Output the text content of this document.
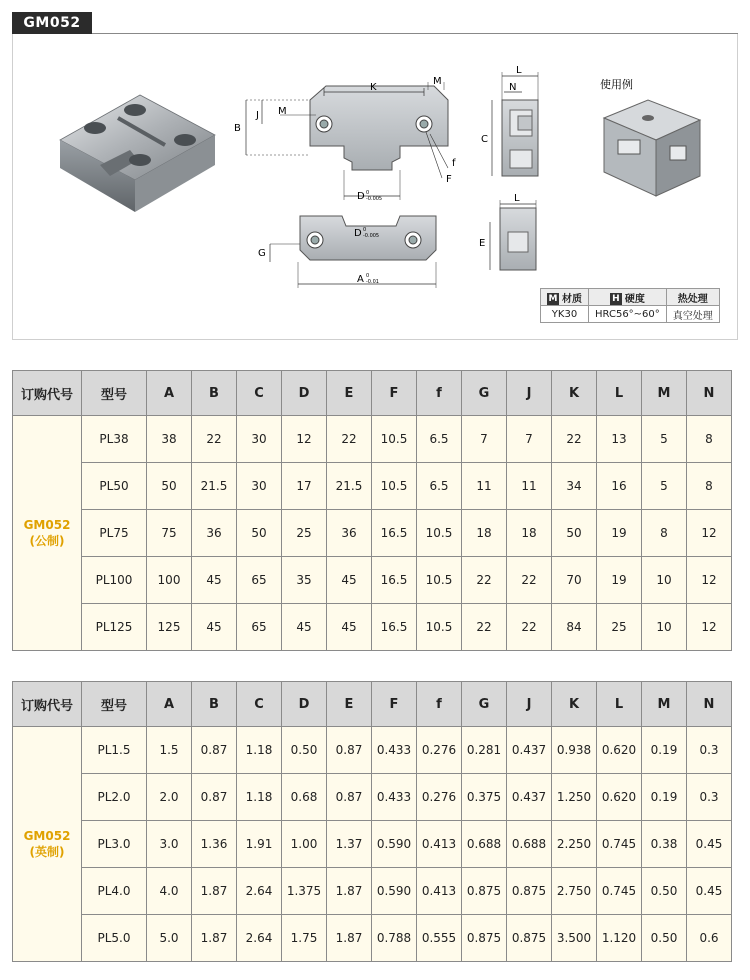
GM052
K
M
J M
B
f
F
D 0
-0.005
D 0
-0.005
G
A 0
-0.01
L
N
C
L
E
使用例
M 材质	H 硬度	热处理
YK30	HRC56°~60°	真空处理
订购代号	型号	A	B	C	D	E	F	f	G	J	K	L	M	N

GM052
(公制)	PL38	38	22	30	12	22	10.5	6.5	7	7	22	13	5	8
	PL50	50	21.5	30	17	21.5	10.5	6.5	11	11	34	16	5	8
	PL75	75	36	50	25	36	16.5	10.5	18	18	50	19	8	12
	PL100	100	45	65	35	45	16.5	10.5	22	22	70	19	10	12
	PL125	125	45	65	45	45	16.5	10.5	22	22	84	25	10	12
订购代号	型号	A	B	C	D	E	F	f	G	J	K	L	M	N

GM052
(英制)	PL1.5	1.5	0.87	1.18	0.50	0.87	0.433	0.276	0.281	0.437	0.938	0.620	0.19	0.3
	PL2.0	2.0	0.87	1.18	0.68	0.87	0.433	0.276	0.375	0.437	1.250	0.620	0.19	0.3
	PL3.0	3.0	1.36	1.91	1.00	1.37	0.590	0.413	0.688	0.688	2.250	0.745	0.38	0.45
	PL4.0	4.0	1.87	2.64	1.375	1.87	0.590	0.413	0.875	0.875	2.750	0.745	0.50	0.45
	PL5.0	5.0	1.87	2.64	1.75	1.87	0.788	0.555	0.875	0.875	3.500	1.120	0.50	0.6
